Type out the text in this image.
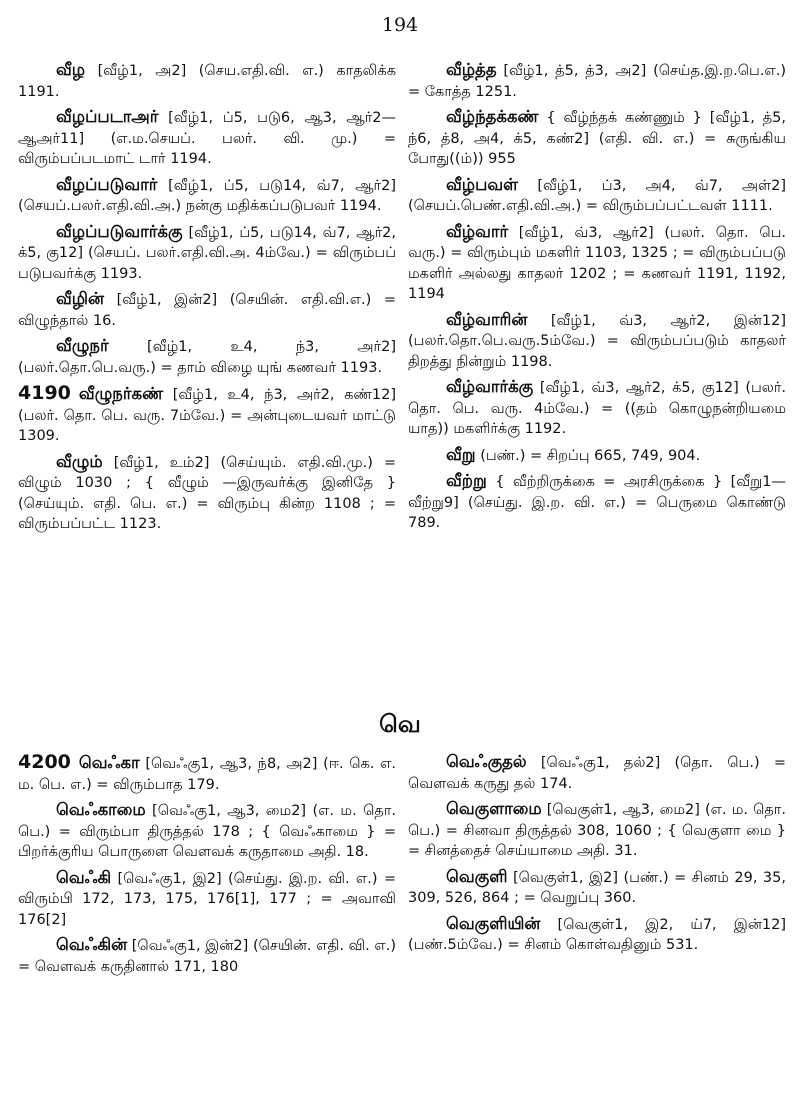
194

வீழ [வீழ்1, அ2] (செய.எதி.வி. எ.) காதலிக்க 1191.

வீழப்படாஅர் [வீழ்1, ப்5, படு6, ஆ3, ஆர்2—ஆஅர்11] (எ.ம.செயப். பலர். வி. மு.) = விரும்பப்படமாட் டார் 1194.

வீழப்படுவார் [வீழ்1, ப்5, படு14, வ்7, ஆர்2] (செயப்.பலர்.எதி.வி.அ.) நன்கு மதிக்கப்படுபவர் 1194.

வீழப்படுவார்க்கு [வீழ்1, ப்5, படு14, வ்7, ஆர்2, க்5, கு12] (செயப். பலர்.எதி.வி.அ. 4ம்வே.) = விரும்பப் படுபவர்க்கு 1193.

வீழின் [வீழ்1, இன்2] (செயின். எதி.வி.எ.) = விழுந்தால் 16.

வீழுநர்	[வீழ்1, உ4, ந்3, அர்2] (பலர்.தொ.பெ.வரு.) = தாம் விழை யுங் கணவர் 1193.

4190 வீழுநர்கண் [வீழ்1, உ4, ந்3, அர்2, கண்12] (பலர். தொ. பெ. வரு. 7ம்வே.) = அன்புடையவர் மாட்டு 1309.

வீழும் [வீழ்1, உம்2] (செய்யும். எதி.வி.மு.) = விழும் 1030 ; { வீழும் —இருவர்க்கு இனிதே } (செய்யும். எதி. பெ. எ.) = விரும்பு கின்ற 1108 ; = விரும்பப்பட்ட 1123.

வீழ்த்த [வீழ்1, த்5, த்3, அ2] (செய்த.இ.ற.பெ.எ.) = கோத்த 1251.

வீழ்ந்தக்கண் { வீழ்ந்தக் கண்ணும் } [வீழ்1, த்5, ந்6, த்8, அ4, க்5, கண்2] (எதி. வி. எ.) = சுருங்கிய போது((ம்)) 955

வீழ்பவள் [வீழ்1, ப்3, அ4, வ்7, அள்2] (செயப்.பெண்.எதி.வி.அ.) = விரும்பப்பட்டவள் 1111.

வீழ்வார் [வீழ்1, வ்3, ஆர்2] (பலர். தொ. பெ. வரு.) = விரும்பும் மகளிர் 1103, 1325 ; = விரும்பப்படு மகளிர் அல்லது காதலர் 1202 ; = கணவர் 1191, 1192, 1194

வீழ்வாரின் [வீழ்1, வ்3, ஆர்2, இன்12] (பலர்.தொ.பெ.வரு.5ம்வே.) = விரும்பப்படும் காதலர் திறத்து நின்றும் 1198.

வீழ்வார்க்கு [வீழ்1, வ்3, ஆர்2, க்5, கு12] (பலர். தொ. பெ. வரு. 4ம்வே.) = ((தம் கொழுநன்றியமை யாத)) மகளிர்க்கு 1192.

வீறு (பண்.) = சிறப்பு 665, 749, 904.

வீற்று { வீற்றிருக்கை = அரசிருக்கை } [வீறு1—வீற்று9] (செய்து. இ.ற. வி. எ.) = பெருமை கொண்டு 789.

வெ

4200 வெஃகா [வெஃகு1, ஆ3, ந்8, அ2] (ஈ. கெ. எ. ம. பெ. எ.) = விரும்பாத 179.

வெஃகாமை [வெஃகு1, ஆ3, மை2] (எ. ம. தொ. பெ.) = விரும்பா திருத்தல் 178 ; { வெஃகாமை } = பிறர்க்குரிய பொருளை வெளவக் கருதாமை அதி. 18.

வெஃகி [வெஃகு1, இ2] (செய்து. இ.ற. வி. எ.) = விரும்பி 172, 173, 175, 176[1], 177 ; = அவாவி 176[2]

வெஃகின் [வெஃகு1, இன்2] (செயின். எதி. வி. எ.) = வெளவக் கருதினால் 171, 180

வெஃகுதல் [வெஃகு1, தல்2] (தொ. பெ.) = வெளவக் கருது தல் 174.

வெகுளாமை [வெகுள்1, ஆ3, மை2] (எ. ம. தொ. பெ.) = சினவா திருத்தல் 308, 1060 ; { வெகுளா மை } = சினத்தைச் செய்யாமை அதி. 31.

வெகுளி [வெகுள்1, இ2] (பண்.) = சினம் 29, 35, 309, 526, 864 ; = வெறுப்பு 360.

வெகுளியின் [வெகுள்1, இ2, ய்7, இன்12] (பண்.5ம்வே.) = சினம் கொள்வதினும் 531.
